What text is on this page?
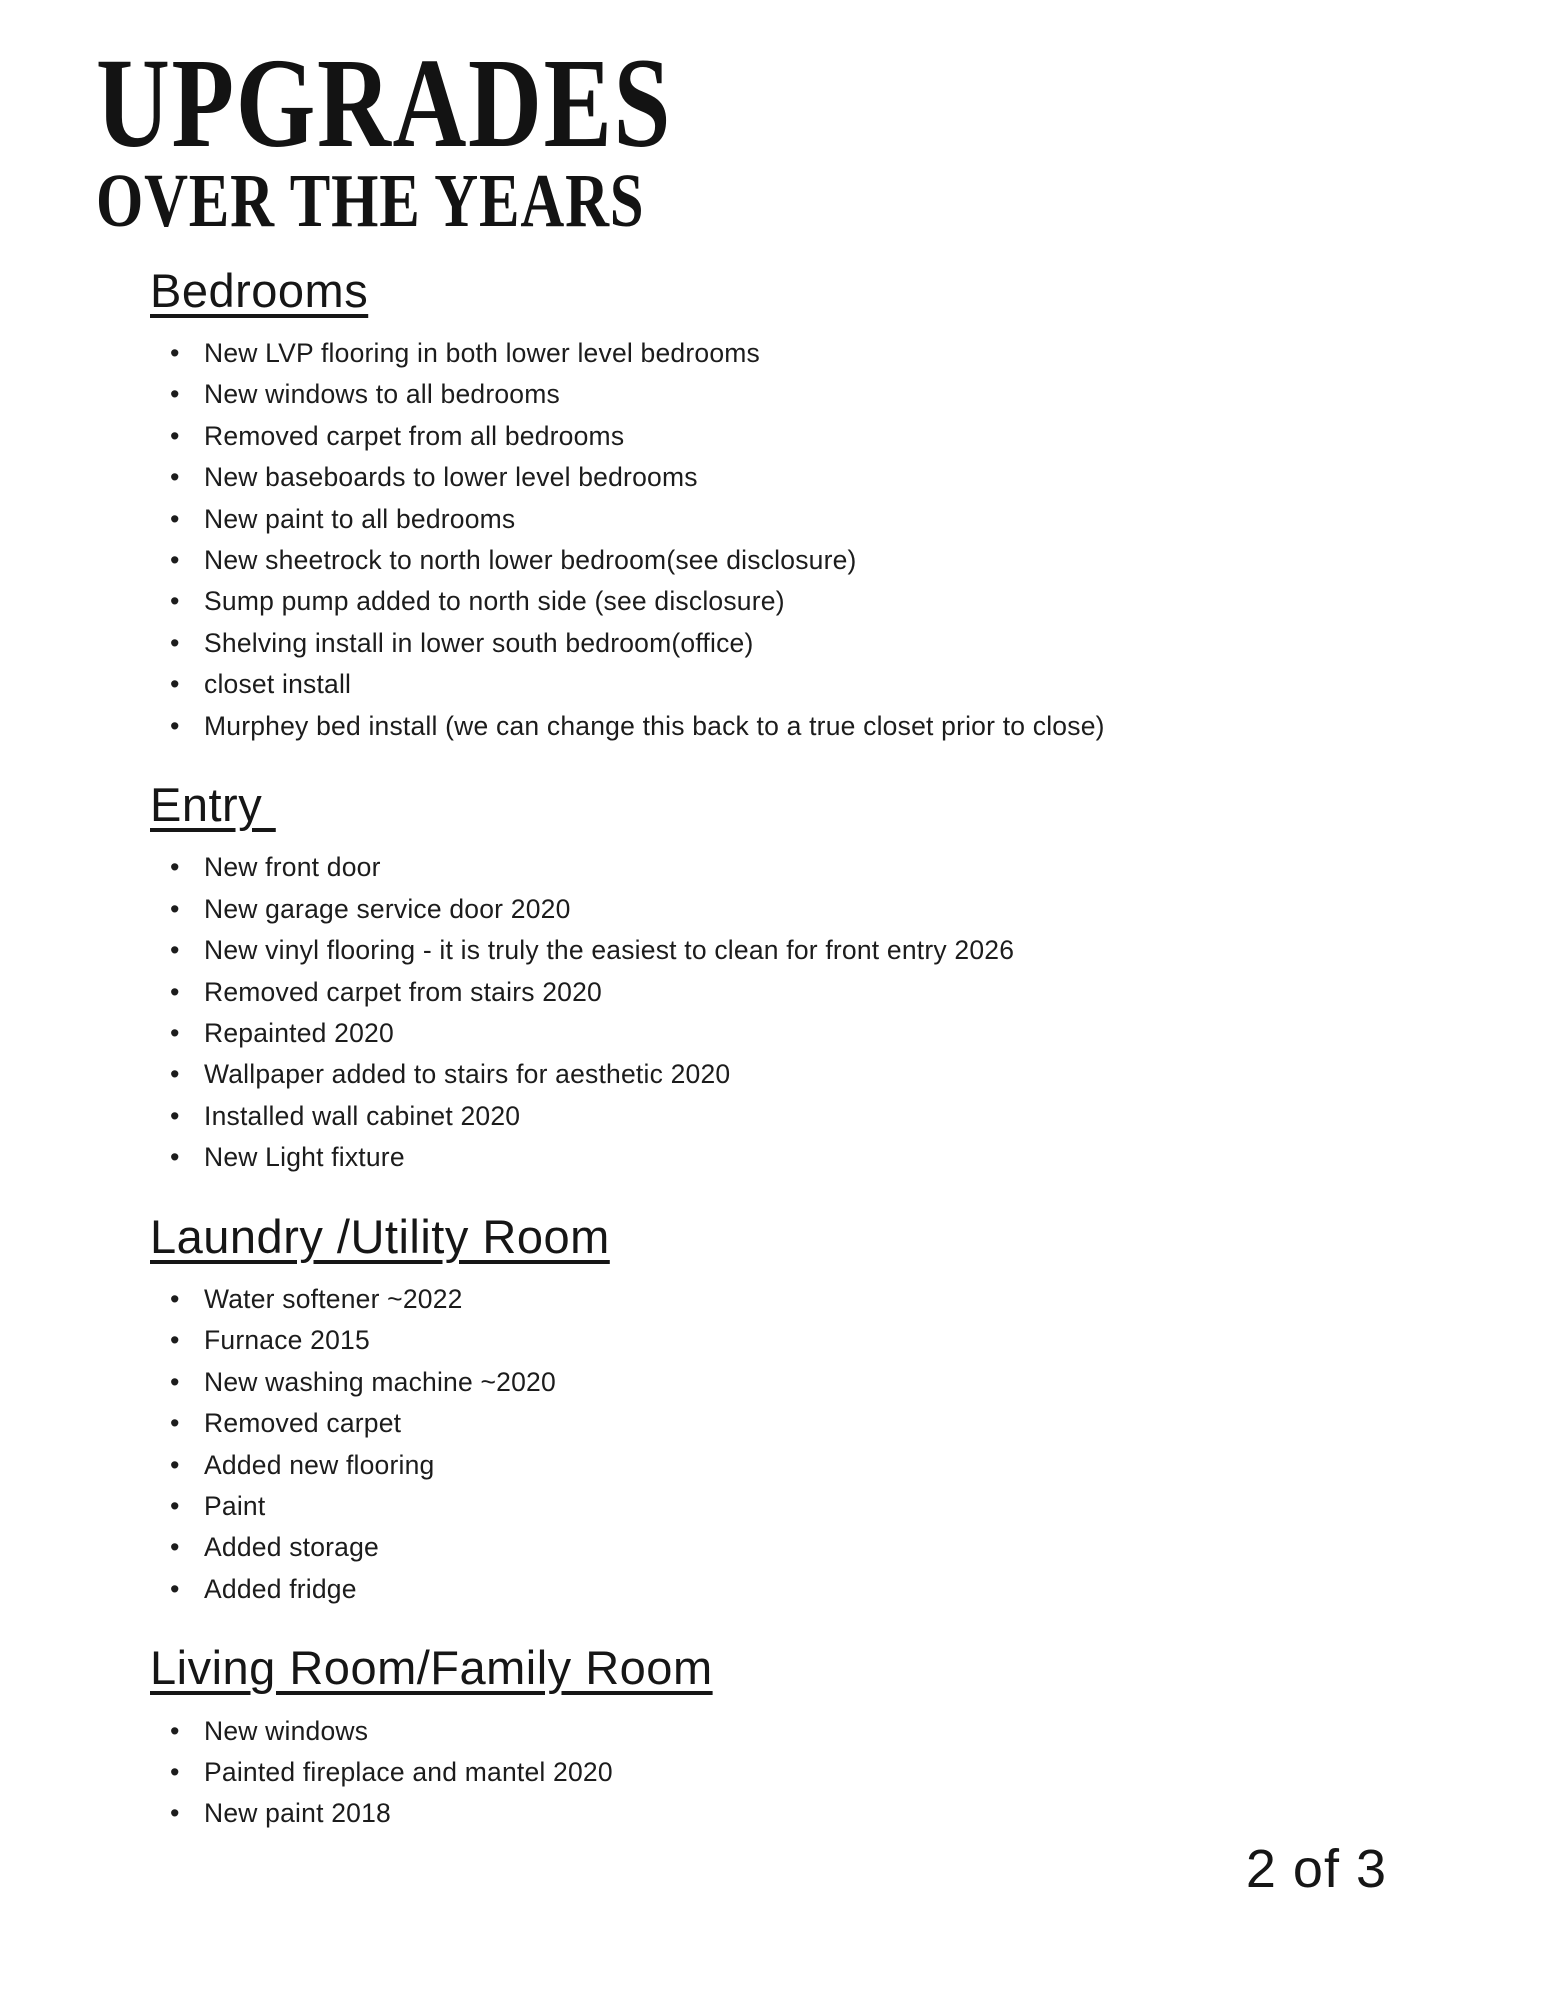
UPGRADES
OVER THE YEARS
Bedrooms
• New LVP flooring in both lower level bedrooms
• New windows to all bedrooms
• Removed carpet from all bedrooms
• New baseboards to lower level bedrooms
• New paint to all bedrooms
• New sheetrock to north lower bedroom(see disclosure)
• Sump pump added to north side (see disclosure)
• Shelving install in lower south bedroom(office)
• closet install
• Murphey bed install (we can change this back to a true closet prior to close)
Entry
• New front door
• New garage service door 2020
• New vinyl flooring - it is truly the easiest to clean for front entry 2026
• Removed carpet from stairs 2020
• Repainted 2020
• Wallpaper added to stairs for aesthetic 2020
• Installed wall cabinet 2020
• New Light fixture
Laundry /Utility Room
• Water softener ~2022
• Furnace 2015
• New washing machine ~2020
• Removed carpet
• Added new flooring
• Paint
• Added storage
• Added fridge
Living Room/Family Room
• New windows
• Painted fireplace and mantel 2020
• New paint 2018
2 of 3
